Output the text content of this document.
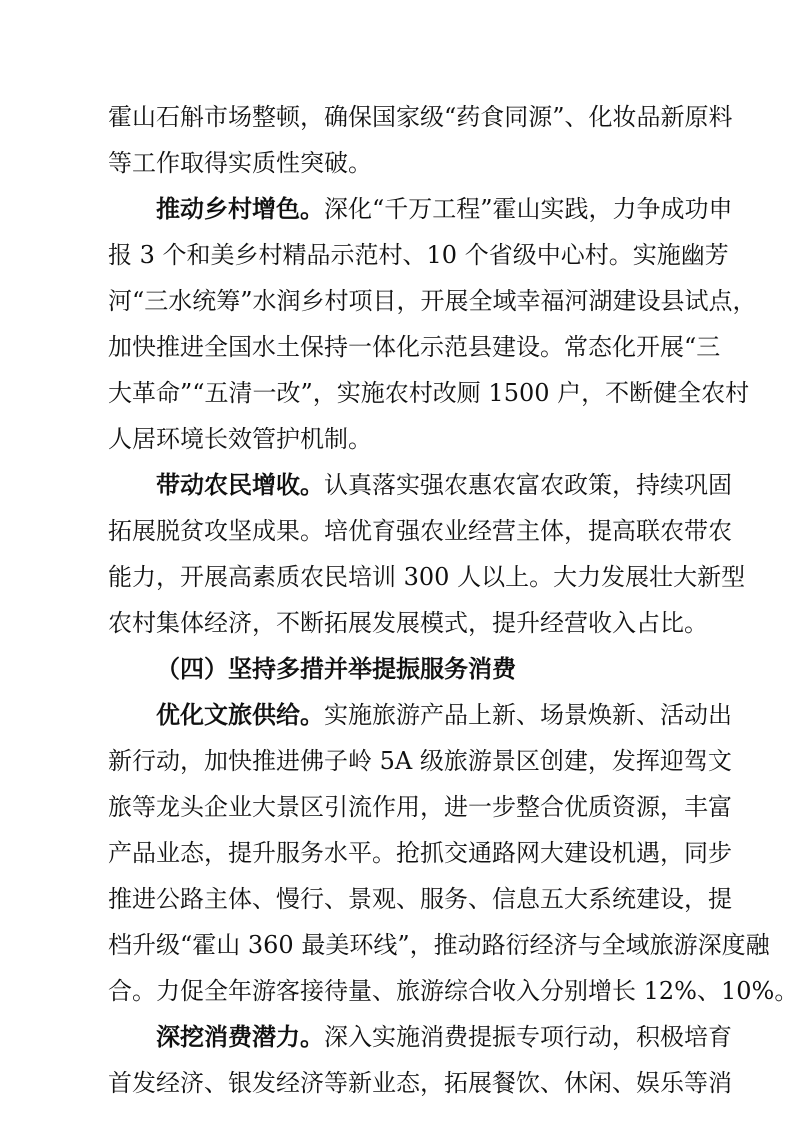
霍山石斛市场整顿，确保国家级“药食同源”、化妆品新原料
等工作取得实质性突破。
推动乡村增色。深化“千万工程”霍山实践，力争成功申
报 3 个和美乡村精品示范村、10 个省级中心村。实施幽芳
河“三水统筹”水润乡村项目，开展全域幸福河湖建设县试点，
加快推进全国水土保持一体化示范县建设。常态化开展“三
大革命”“五清一改”，实施农村改厕 1500 户，不断健全农村
人居环境长效管护机制。
带动农民增收。认真落实强农惠农富农政策，持续巩固
拓展脱贫攻坚成果。培优育强农业经营主体，提高联农带农
能力，开展高素质农民培训 300 人以上。大力发展壮大新型
农村集体经济，不断拓展发展模式，提升经营收入占比。
（四）坚持多措并举提振服务消费
优化文旅供给。实施旅游产品上新、场景焕新、活动出
新行动，加快推进佛子岭 5A 级旅游景区创建，发挥迎驾文
旅等龙头企业大景区引流作用，进一步整合优质资源，丰富
产品业态，提升服务水平。抢抓交通路网大建设机遇，同步
推进公路主体、慢行、景观、服务、信息五大系统建设，提
档升级“霍山 360 最美环线”，推动路衍经济与全域旅游深度融
合。力促全年游客接待量、旅游综合收入分别增长 12%、10%。
深挖消费潜力。深入实施消费提振专项行动，积极培育
首发经济、银发经济等新业态，拓展餐饮、休闲、娱乐等消
